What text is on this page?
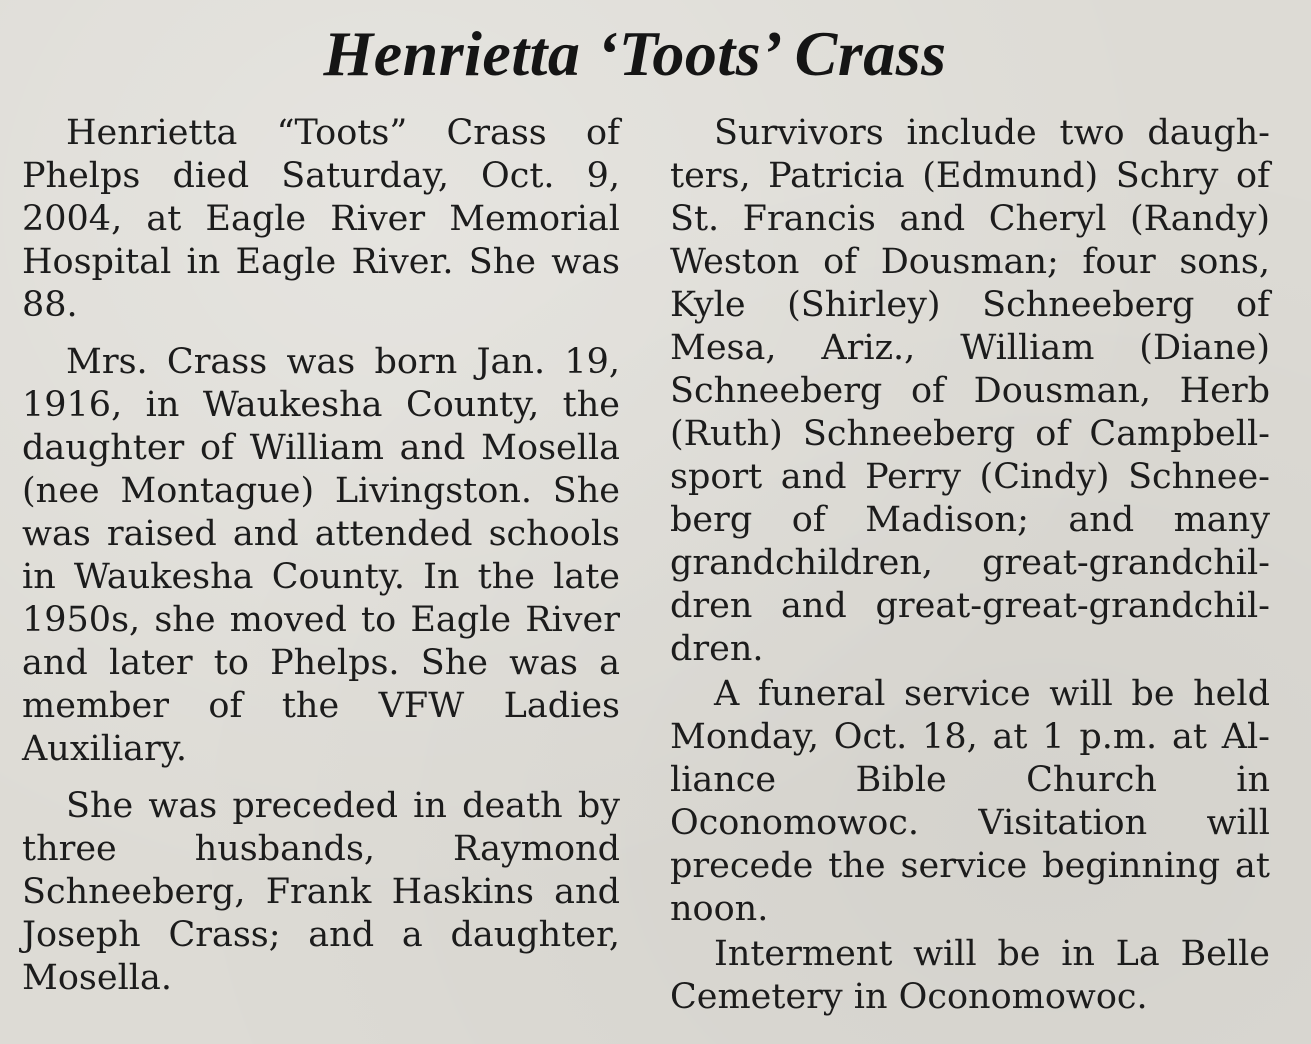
Henrietta ‘Toots’ Crass

Henrietta “Toots” Crass of Phelps died Saturday, Oct. 9, 2004, at Eagle River Memorial Hospital in Eagle River. She was 88.

Mrs. Crass was born Jan. 19, 1916, in Waukesha County, the daughter of William and Mosella (nee Montague) Livingston. She was raised and attended schools in Waukesha County. In the late 1950s, she moved to Eagle River and later to Phelps. She was a member of the VFW Ladies Auxiliary.

She was preceded in death by three husbands, Raymond Schneeberg, Frank Haskins and Joseph Crass; and a daughter, Mosella.

Survivors include two daughters, Patricia (Edmund) Schry of St. Francis and Cheryl (Randy) Weston of Dousman; four sons, Kyle (Shirley) Schneeberg of Mesa, Ariz., William (Diane) Schneeberg of Dousman, Herb (Ruth) Schneeberg of Campbellsport and Perry (Cindy) Schneeberg of Madison; and many grandchildren, great-grandchildren and great-great-grandchildren.

A funeral service will be held Monday, Oct. 18, at 1 p.m. at Alliance Bible Church in Oconomowoc. Visitation will precede the service beginning at noon.

Interment will be in La Belle Cemetery in Oconomowoc.
